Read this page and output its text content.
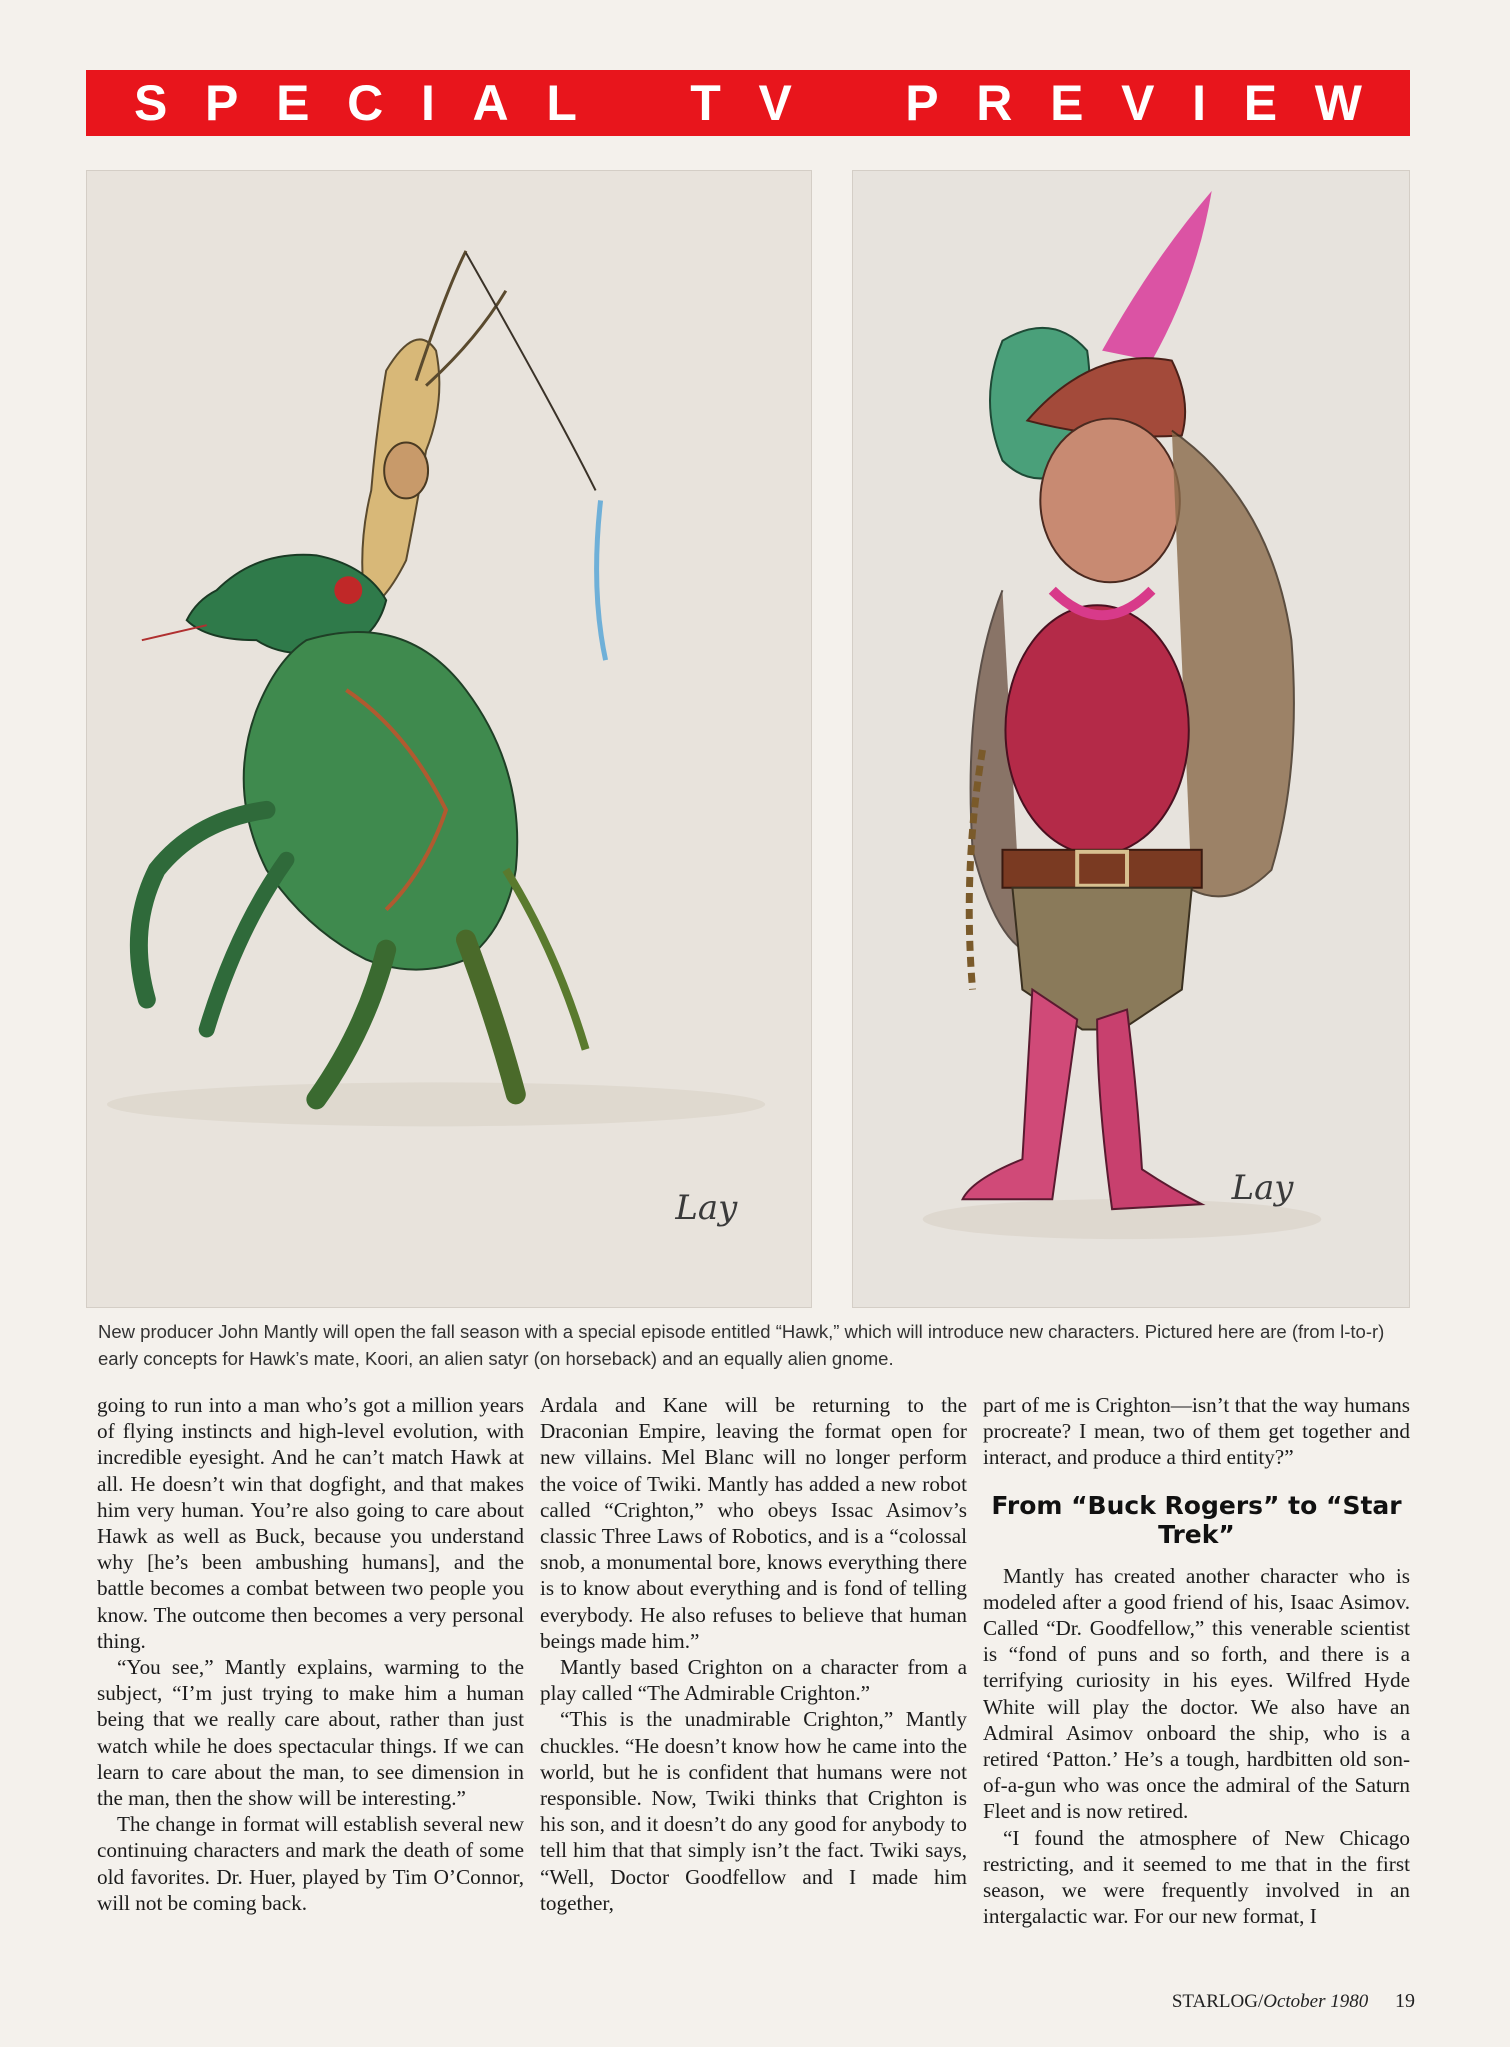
S P E C I A L T V P R E V I E W
Lay
Lay
New producer John Mantly will open the fall season with a special episode entitled “Hawk,” which will introduce new characters. Pictured here are (from l-to-r) early concepts for Hawk’s mate, Koori, an alien satyr (on horseback) and an equally alien gnome.

going to run into a man who’s got a million years of flying instincts and high-level evolution, with incredible eyesight. And he can’t match Hawk at all. He doesn’t win that dogfight, and that makes him very human. You’re also going to care about Hawk as well as Buck, because you understand why [he’s been ambushing humans], and the battle becomes a combat between two people you know. The outcome then becomes a very personal thing.

“You see,” Mantly explains, warming to the subject, “I’m just trying to make him a human being that we really care about, rather than just watch while he does spectacular things. If we can learn to care about the man, to see dimension in the man, then the show will be interesting.”

The change in format will establish several new continuing characters and mark the death of some old favorites. Dr. Huer, played by Tim O’Connor, will not be coming back.

Ardala and Kane will be returning to the Draconian Empire, leaving the format open for new villains. Mel Blanc will no longer perform the voice of Twiki. Mantly has added a new robot called “Crighton,” who obeys Issac Asimov’s classic Three Laws of Robotics, and is a “colossal snob, a monumental bore, knows everything there is to know about everything and is fond of telling everybody. He also refuses to believe that human beings made him.”

Mantly based Crighton on a character from a play called “The Admirable Crighton.”

“This is the unadmirable Crighton,” Mantly chuckles. “He doesn’t know how he came into the world, but he is confident that humans were not responsible. Now, Twiki thinks that Crighton is his son, and it doesn’t do any good for anybody to tell him that that simply isn’t the fact. Twiki says, “Well, Doctor Goodfellow and I made him together,

part of me is Crighton—isn’t that the way humans procreate? I mean, two of them get together and interact, and produce a third entity?”

From “Buck Rogers” to “Star Trek”

Mantly has created another character who is modeled after a good friend of his, Isaac Asimov. Called “Dr. Goodfellow,” this venerable scientist is “fond of puns and so forth, and there is a terrifying curiosity in his eyes. Wilfred Hyde White will play the doctor. We also have an Admiral Asimov onboard the ship, who is a retired ‘Patton.’ He’s a tough, hardbitten old son-of-a-gun who was once the admiral of the Saturn Fleet and is now retired.

“I found the atmosphere of New Chicago restricting, and it seemed to me that in the first season, we were frequently involved in an intergalactic war. For our new format, I

STARLOG/October 1980 19
